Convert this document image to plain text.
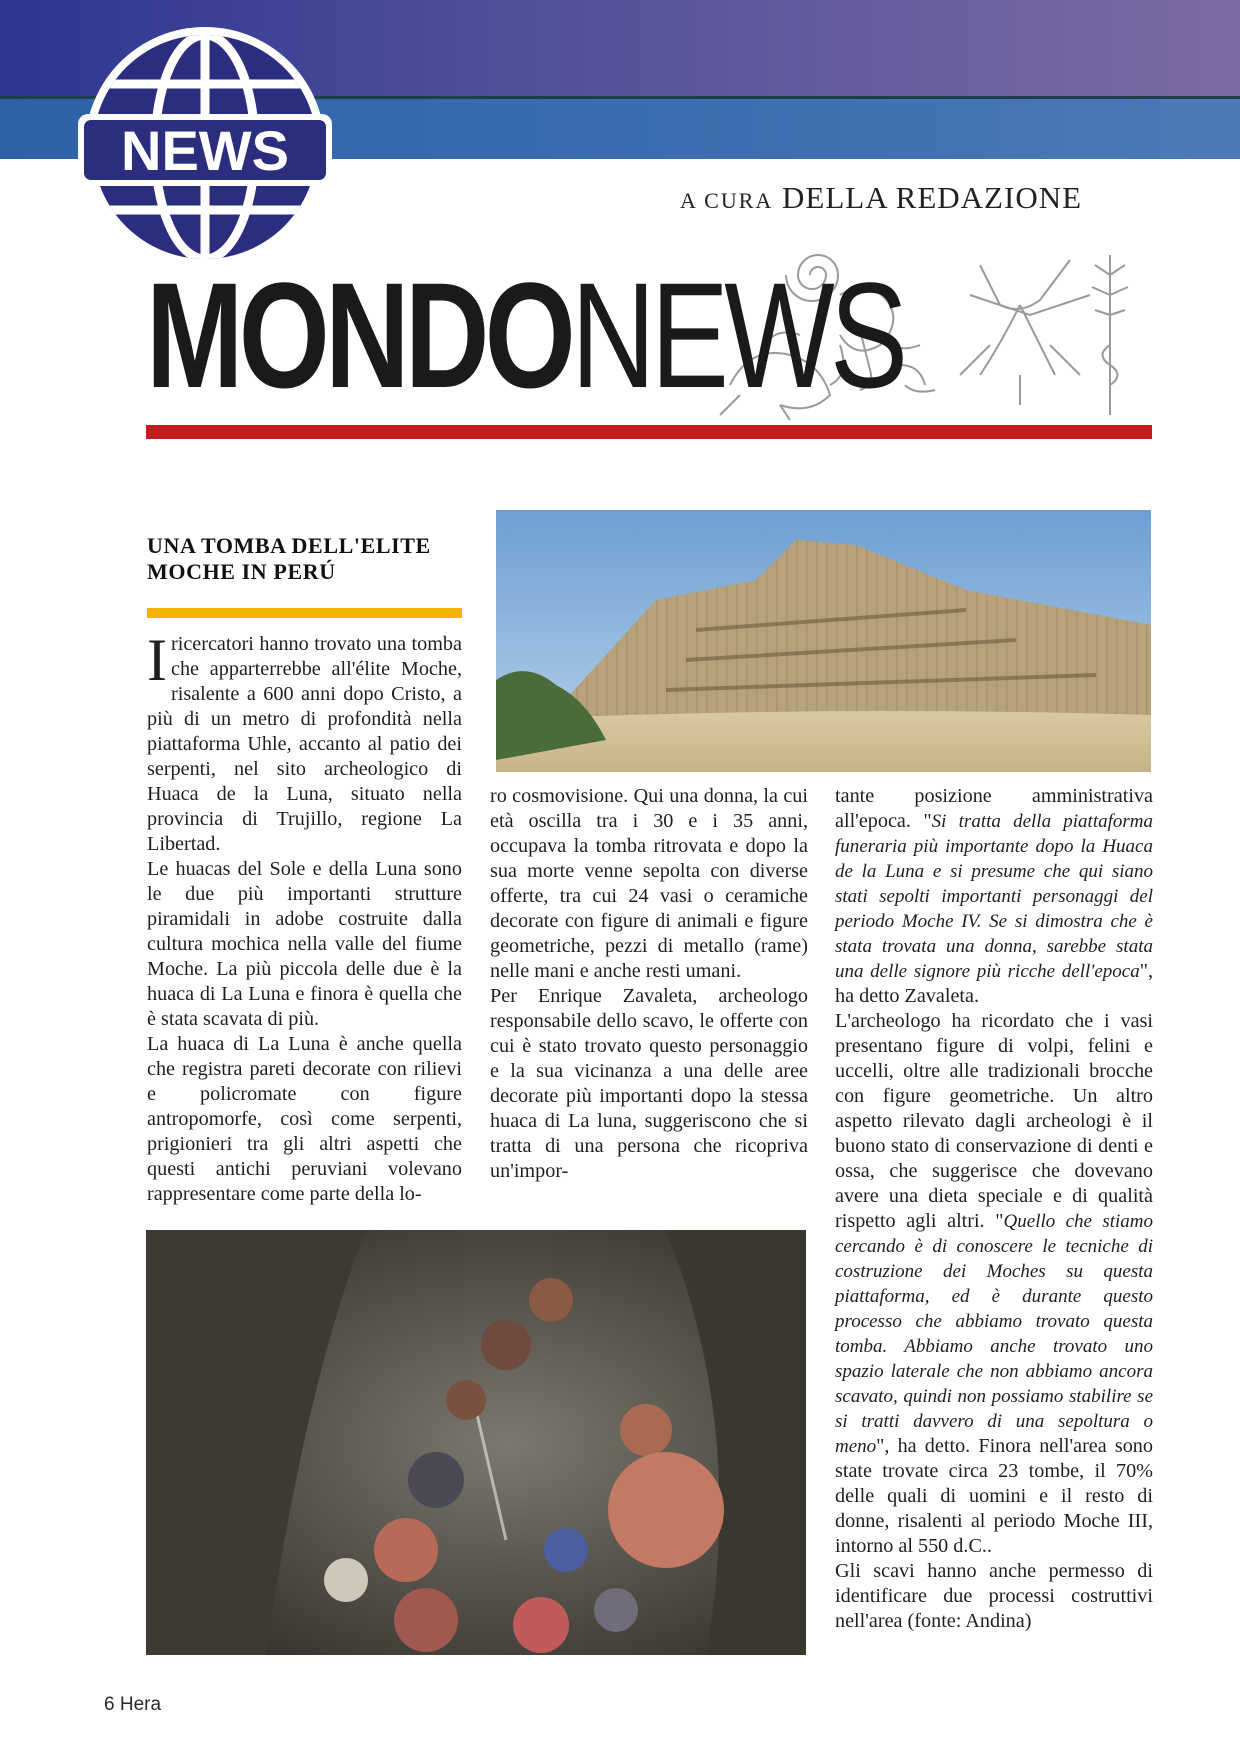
NEWS
A CURA DELLA REDAZIONE
MONDONEWS
UNA TOMBA DELL'ELITE
MOCHE IN PERÚ

Iricercatori hanno trovato una tomba che apparterrebbe all'élite Moche, risalente a 600 anni dopo Cristo, a più di un metro di profondità nella piattaforma Uhle, accanto al patio dei serpenti, nel sito archeologico di Huaca de la Luna, situato nella provincia di Trujillo, regione La Libertad.

Le huacas del Sole e della Luna sono le due più importanti strutture piramidali in adobe costruite dalla cultura mochica nella valle del fiume Moche. La più piccola delle due è la huaca di La Luna e finora è quella che è stata scavata di più.

La huaca di La Luna è anche quella che registra pareti decorate con rilievi e policromate con figure antropomorfe, così come serpenti, prigionieri tra gli altri aspetti che questi antichi peruviani volevano rappresentare come parte della lo-

ro cosmovisione. Qui una donna, la cui età oscilla tra i 30 e i 35 anni, occupava la tomba ritrovata e dopo la sua morte venne sepolta con diverse offerte, tra cui 24 vasi o ceramiche decorate con figure di animali e figure geometriche, pezzi di metallo (rame) nelle mani e anche resti umani.

Per Enrique Zavaleta, archeologo responsabile dello scavo, le offerte con cui è stato trovato questo personaggio e la sua vicinanza a una delle aree decorate più importanti dopo la stessa huaca di La luna, suggeriscono che si tratta di una persona che ricopriva un'impor-

tante posizione amministrativa all'epoca. "Si tratta della piattaforma funeraria più importante dopo la Huaca de la Luna e si presume che qui siano stati sepolti importanti personaggi del periodo Moche IV. Se si dimostra che è stata trovata una donna, sarebbe stata una delle signore più ricche dell'epoca", ha detto Zavaleta.

L'archeologo ha ricordato che i vasi presentano figure di volpi, felini e uccelli, oltre alle tradizionali brocche con figure geometriche. Un altro aspetto rilevato dagli archeologi è il buono stato di conservazione di denti e ossa, che suggerisce che dovevano avere una dieta speciale e di qualità rispetto agli altri. "Quello che stiamo cercando è di conoscere le tecniche di costruzione dei Moches su questa piattaforma, ed è durante questo processo che abbiamo trovato questa tomba. Abbiamo anche trovato uno spazio laterale che non abbiamo ancora scavato, quindi non possiamo stabilire se si tratti davvero di una sepoltura o meno", ha detto. Finora nell'area sono state trovate circa 23 tombe, il 70% delle quali di uomini e il resto di donne, risalenti al periodo Moche III, intorno al 550 d.C..

Gli scavi hanno anche permesso di identificare due processi costruttivi nell'area (fonte: Andina)

6 Hera
